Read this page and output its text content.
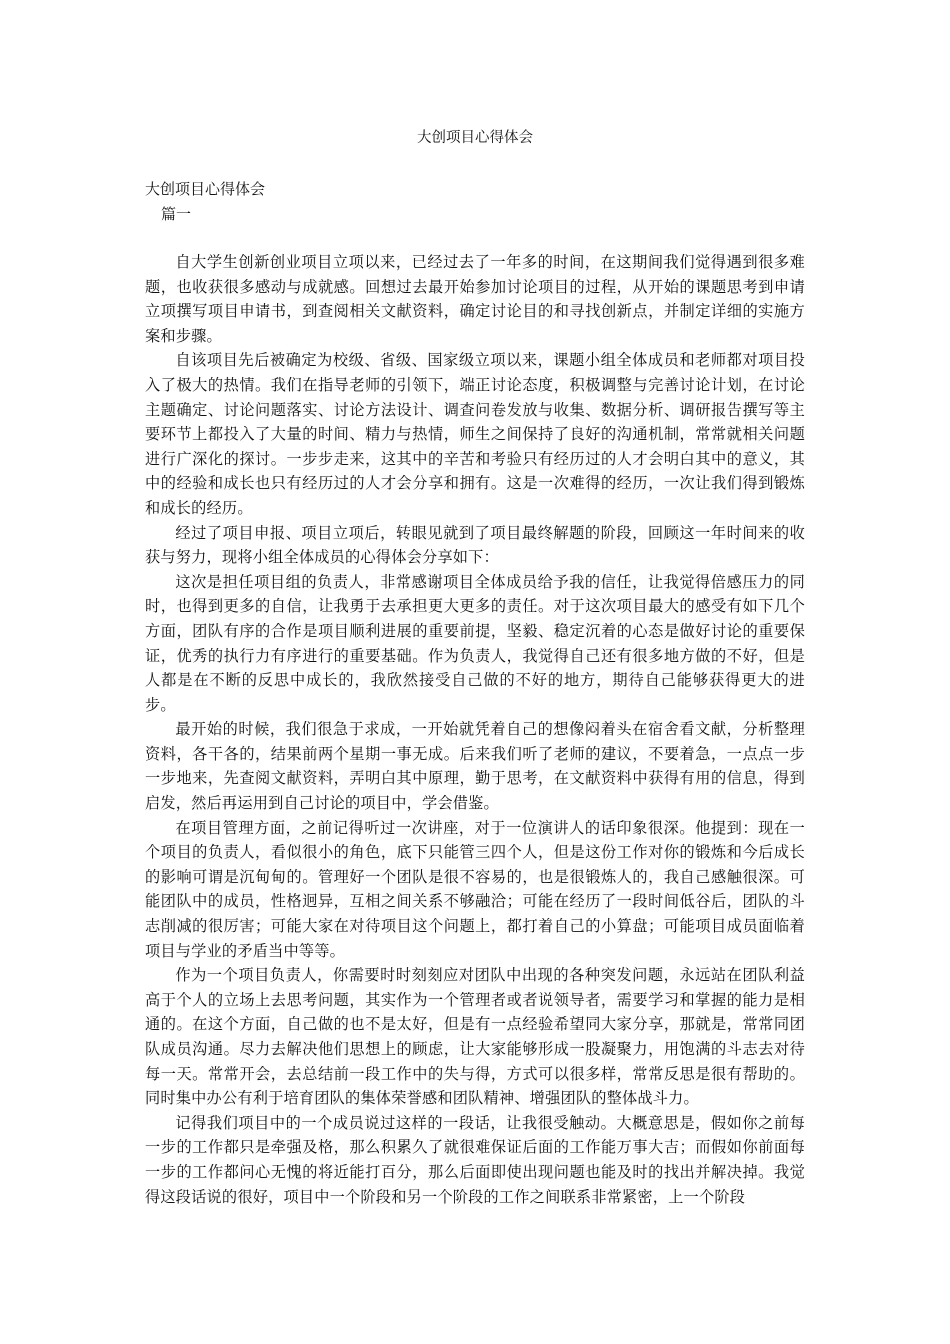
大创项目心得体会
大创项目心得体会
篇一

自大学生创新创业项目立项以来，已经过去了一年多的时间，在这期间我们觉得遇到很多难题，也收获很多感动与成就感。回想过去最开始参加讨论项目的过程，从开始的课题思考到申请立项撰写项目申请书，到查阅相关文献资料，确定讨论目的和寻找创新点，并制定详细的实施方案和步骤。

自该项目先后被确定为校级、省级、国家级立项以来，课题小组全体成员和老师都对项目投入了极大的热情。我们在指导老师的引领下，端正讨论态度，积极调整与完善讨论计划，在讨论主题确定、讨论问题落实、讨论方法设计、调查问卷发放与收集、数据分析、调研报告撰写等主要环节上都投入了大量的时间、精力与热情，师生之间保持了良好的沟通机制，常常就相关问题进行广深化的探讨。一步步走来，这其中的辛苦和考验只有经历过的人才会明白其中的意义，其中的经验和成长也只有经历过的人才会分享和拥有。这是一次难得的经历，一次让我们得到锻炼和成长的经历。

经过了项目申报、项目立项后，转眼见就到了项目最终解题的阶段，回顾这一年时间来的收获与努力，现将小组全体成员的心得体会分享如下：

这次是担任项目组的负责人，非常感谢项目全体成员给予我的信任，让我觉得倍感压力的同时，也得到更多的自信，让我勇于去承担更大更多的责任。对于这次项目最大的感受有如下几个方面，团队有序的合作是项目顺利进展的重要前提，坚毅、稳定沉着的心态是做好讨论的重要保证，优秀的执行力有序进行的重要基础。作为负责人，我觉得自己还有很多地方做的不好，但是人都是在不断的反思中成长的，我欣然接受自己做的不好的地方，期待自己能够获得更大的进步。

最开始的时候，我们很急于求成，一开始就凭着自己的想像闷着头在宿舍看文献，分析整理资料，各干各的，结果前两个星期一事无成。后来我们听了老师的建议，不要着急，一点点一步一步地来，先查阅文献资料，弄明白其中原理，勤于思考，在文献资料中获得有用的信息，得到启发，然后再运用到自己讨论的项目中，学会借鉴。

在项目管理方面，之前记得听过一次讲座，对于一位演讲人的话印象很深。他提到：现在一个项目的负责人，看似很小的角色，底下只能管三四个人，但是这份工作对你的锻炼和今后成长的影响可谓是沉甸甸的。管理好一个团队是很不容易的，也是很锻炼人的，我自己感触很深。可能团队中的成员，性格迥异，互相之间关系不够融洽；可能在经历了一段时间低谷后，团队的斗志削减的很厉害；可能大家在对待项目这个问题上，都打着自己的小算盘；可能项目成员面临着项目与学业的矛盾当中等等。

作为一个项目负责人，你需要时时刻刻应对团队中出现的各种突发问题，永远站在团队利益高于个人的立场上去思考问题，其实作为一个管理者或者说领导者，需要学习和掌握的能力是相通的。在这个方面，自己做的也不是太好，但是有一点经验希望同大家分享，那就是，常常同团队成员沟通。尽力去解决他们思想上的顾虑，让大家能够形成一股凝聚力，用饱满的斗志去对待每一天。常常开会，去总结前一段工作中的失与得，方式可以很多样，常常反思是很有帮助的。同时集中办公有利于培育团队的集体荣誉感和团队精神、增强团队的整体战斗力。

记得我们项目中的一个成员说过这样的一段话，让我很受触动。大概意思是，假如你之前每一步的工作都只是牵强及格，那么积累久了就很难保证后面的工作能万事大吉；而假如你前面每一步的工作都问心无愧的将近能打百分，那么后面即使出现问题也能及时的找出并解决掉。我觉得这段话说的很好，项目中一个阶段和另一个阶段的工作之间联系非常紧密，上一个阶段
